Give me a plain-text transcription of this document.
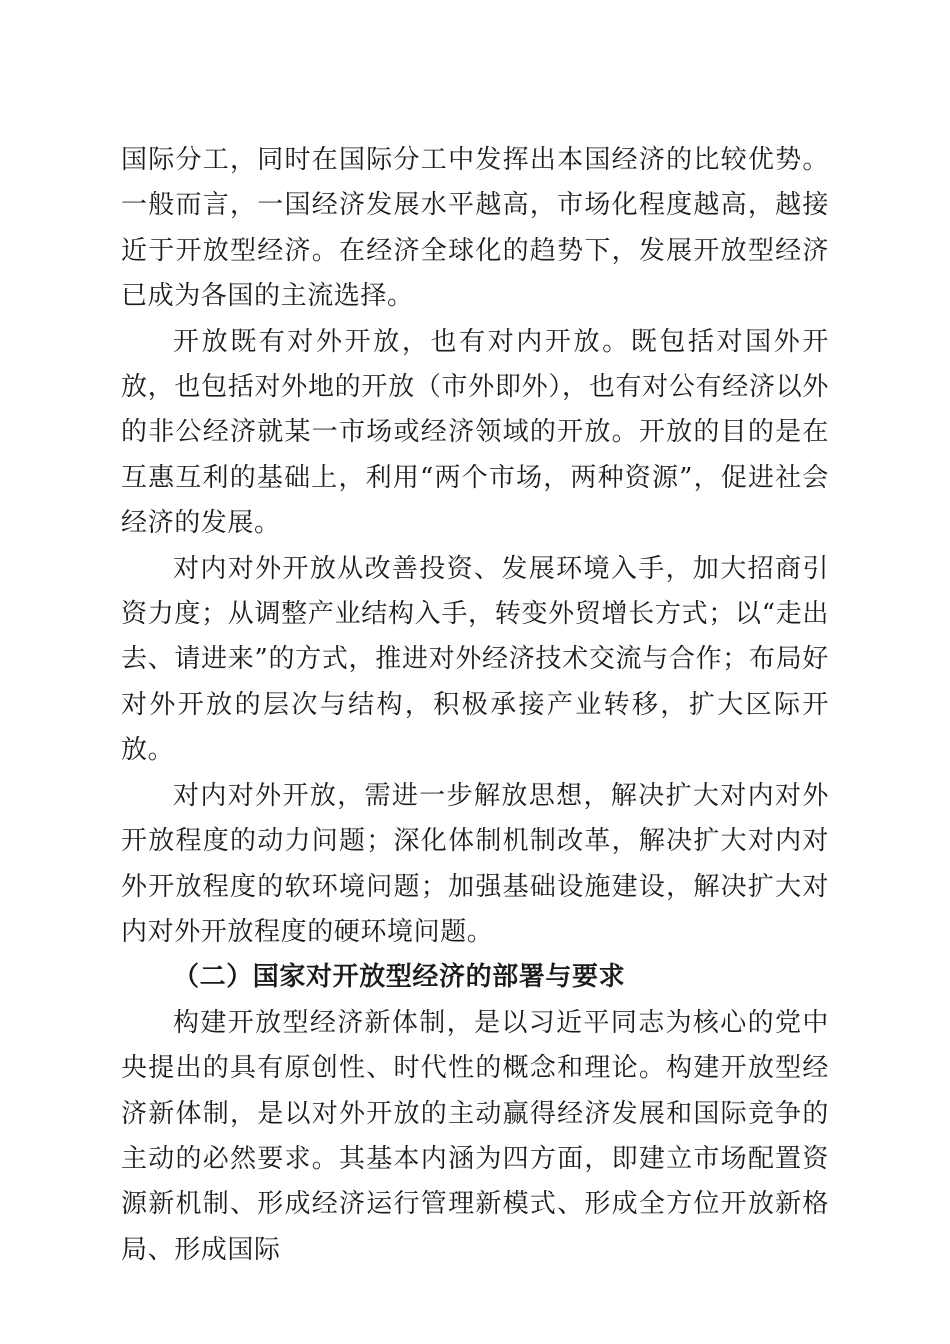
国际分工，同时在国际分工中发挥出本国经济的比较优势。一般而言，一国经济发展水平越高，市场化程度越高，越接近于开放型经济。在经济全球化的趋势下，发展开放型经济已成为各国的主流选择。

开放既有对外开放，也有对内开放。既包括对国外开放，也包括对外地的开放（市外即外），也有对公有经济以外的非公经济就某一市场或经济领域的开放。开放的目的是在互惠互利的基础上，利用“两个市场，两种资源”，促进社会经济的发展。

对内对外开放从改善投资、发展环境入手，加大招商引资力度；从调整产业结构入手，转变外贸增长方式；以“走出去、请进来”的方式，推进对外经济技术交流与合作；布局好对外开放的层次与结构，积极承接产业转移，扩大区际开放。

对内对外开放，需进一步解放思想，解决扩大对内对外开放程度的动力问题；深化体制机制改革，解决扩大对内对外开放程度的软环境问题；加强基础设施建设，解决扩大对内对外开放程度的硬环境问题。

（二）国家对开放型经济的部署与要求

构建开放型经济新体制，是以习近平同志为核心的党中央提出的具有原创性、时代性的概念和理论。构建开放型经济新体制，是以对外开放的主动赢得经济发展和国际竞争的主动的必然要求。其基本内涵为四方面，即建立市场配置资源新机制、形成经济运行管理新模式、形成全方位开放新格局、形成国际
